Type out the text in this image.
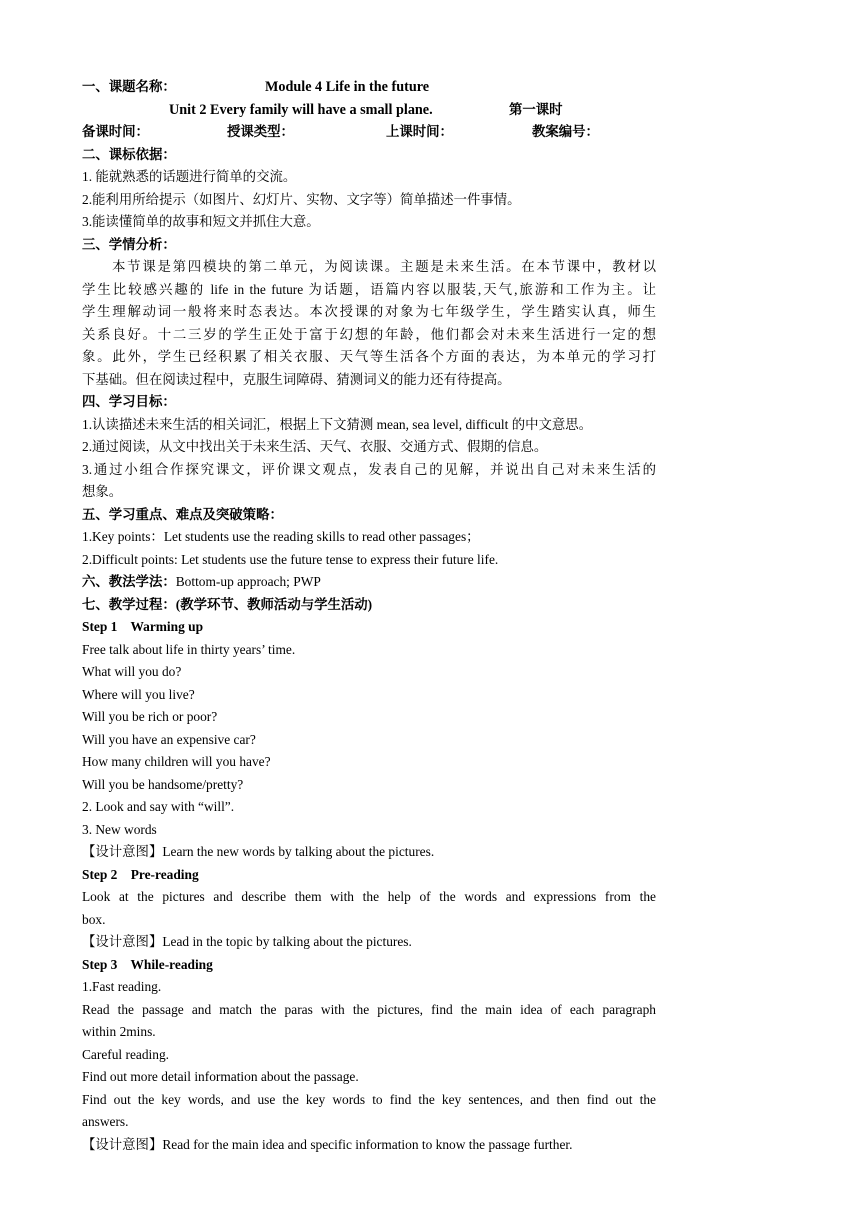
一、课题名称：	Module 4 Life in the future
Unit 2 Every family will have a small plane.	第一课时
备课时间：	授课类型：	上课时间：	教案编号：
二、课标依据：
1. 能就熟悉的话题进行简单的交流。
2.能利用所给提示（如图片、幻灯片、实物、文字等）简单描述一件事情。
3.能读懂简单的故事和短文并抓住大意。
三、学情分析：
本节课是第四模块的第二单元，为阅读课。主题是未来生活。在本节课中，教材以
学生比较感兴趣的 life in the future 为话题，语篇内容以服装,天气,旅游和工作为主。让
学生理解动词一般将来时态表达。本次授课的对象为七年级学生，学生踏实认真，师生
关系良好。十二三岁的学生正处于富于幻想的年龄，他们都会对未来生活进行一定的想
象。此外，学生已经积累了相关衣服、天气等生活各个方面的表达，为本单元的学习打
下基础。但在阅读过程中，克服生词障碍、猜测词义的能力还有待提高。
四、学习目标：
1.认读描述未来生活的相关词汇，根据上下文猜测 mean, sea level, difficult 的中文意思。
2.通过阅读，从文中找出关于未来生活、天气、衣服、交通方式、假期的信息。
3.通过小组合作探究课文，评价课文观点，发表自己的见解，并说出自己对未来生活的
想象。
五、学习重点、难点及突破策略：
1.Key points：Let students use the reading skills to read other passages；
2.Difficult points: Let students use the future tense to express their future life.
六、教法学法：Bottom-up approach; PWP
七、教学过程：(教学环节、教师活动与学生活动)
Step 1    Warming up
Free talk about life in thirty years’ time.
What will you do?
Where will you live?
Will you be rich or poor?
Will you have an expensive car?
How many children will you have?
Will you be handsome/pretty?
2. Look and say with “will”.
3. New words
【设计意图】Learn the new words by talking about the pictures.
Step 2    Pre-reading
Look at the pictures and describe them with the help of the words and expressions from the
box.
【设计意图】Lead in the topic by talking about the pictures.
Step 3    While-reading
1.Fast reading.
Read the passage and match the paras with the pictures, find the main idea of each paragraph
within 2mins.
Careful reading.
Find out more detail information about the passage.
Find out the key words, and use the key words to find the key sentences, and then find out the
answers.
【设计意图】Read for the main idea and specific information to know the passage further.
